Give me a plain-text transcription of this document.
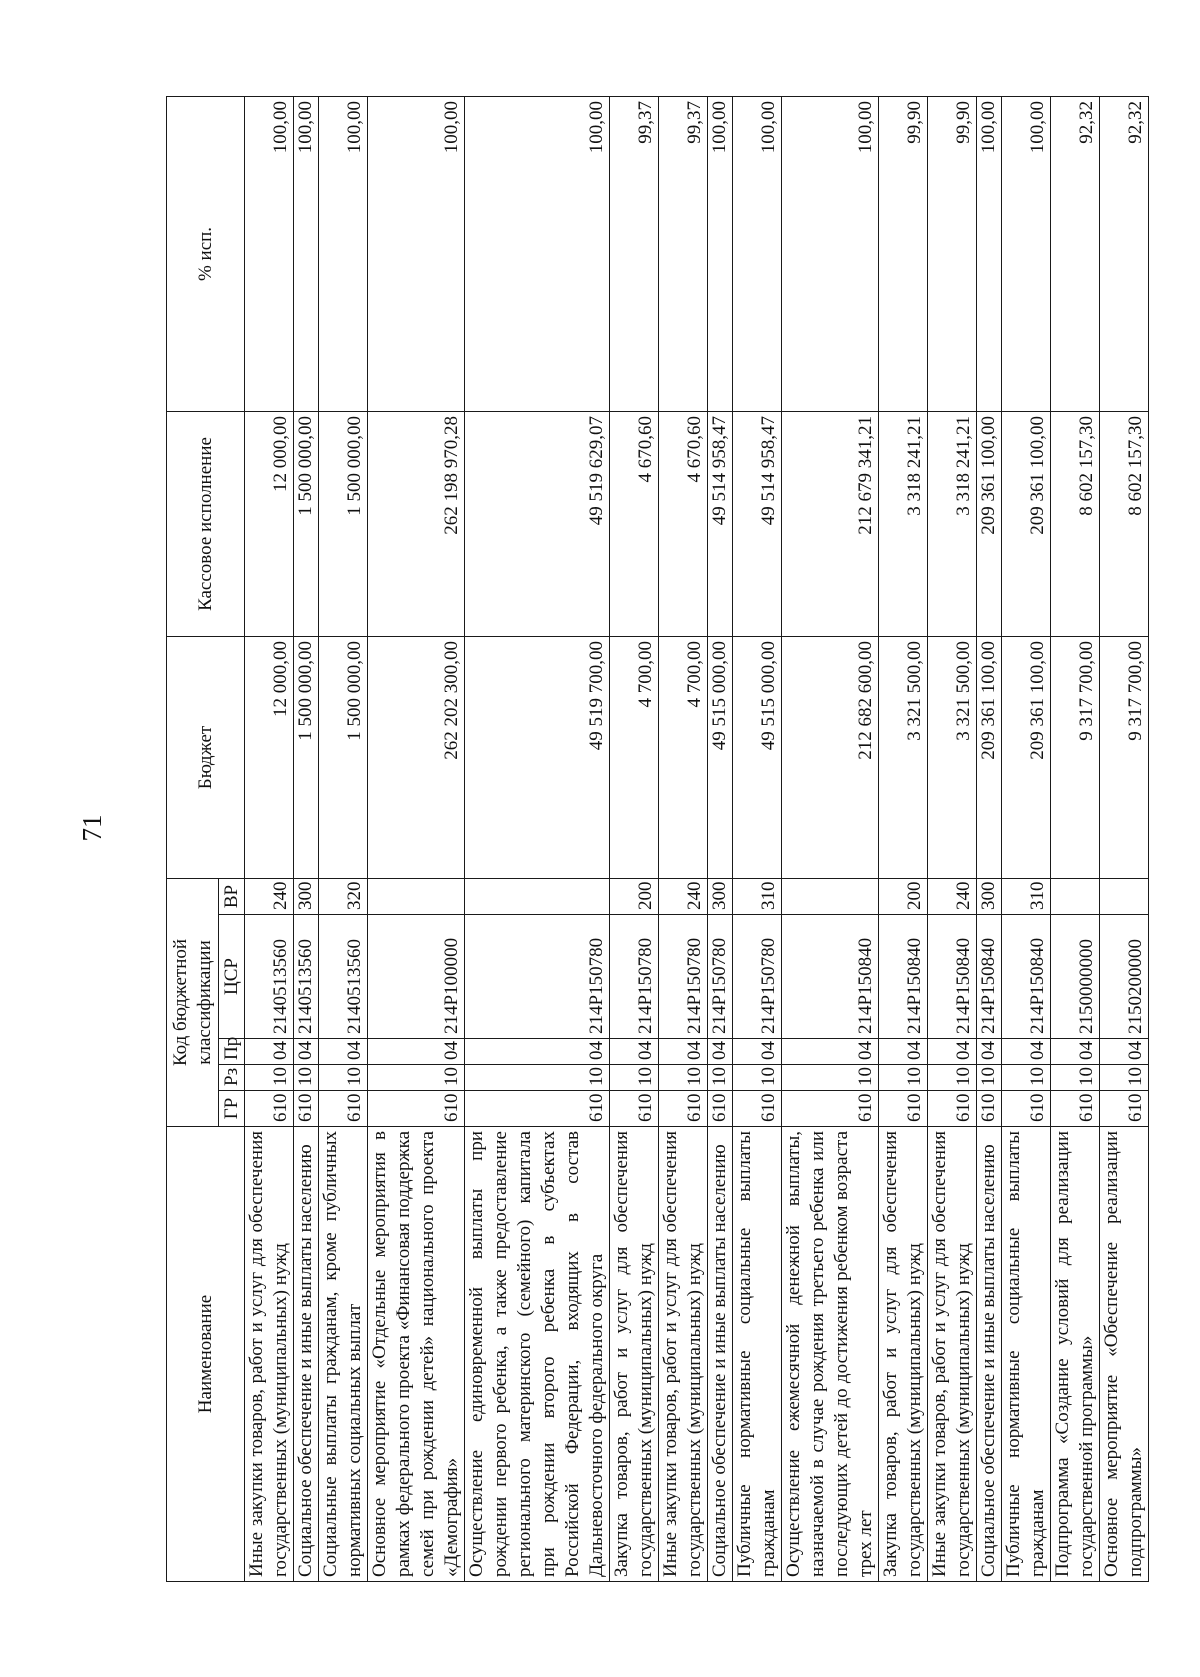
71
Наименование	Код бюджетной классификации					Бюджет	Кассовое исполнение	% исп.
	ГР	Рз	Пр	ЦСР	ВР			
Иные закупки товаров, работ и услуг для обеспечения государственных (муниципальных) нужд	610	10	04	2140513560	240	12 000,00	12 000,00	100,00
Социальное обеспечение и иные выплаты населению	610	10	04	2140513560	300	1 500 000,00	1 500 000,00	100,00
Социальные выплаты гражданам, кроме публичных нормативных социальных выплат	610	10	04	2140513560	320	1 500 000,00	1 500 000,00	100,00
Основное мероприятие «Отдельные мероприятия в рамках федерального проекта «Финансовая поддержка семей при рождении детей» национального проекта «Демография»	610	10	04	214P100000		262 202 300,00	262 198 970,28	100,00
Осуществление единовременной выплаты при рождении первого ребенка, а также предоставление регионального материнского (семейного) капитала при рождении второго ребенка в субъектах Российской Федерации, входящих в состав Дальневосточного федерального округа	610	10	04	214P150780		49 519 700,00	49 519 629,07	100,00
Закупка товаров, работ и услуг для обеспечения государственных (муниципальных) нужд	610	10	04	214P150780	200	4 700,00	4 670,60	99,37
Иные закупки товаров, работ и услуг для обеспечения государственных (муниципальных) нужд	610	10	04	214P150780	240	4 700,00	4 670,60	99,37
Социальное обеспечение и иные выплаты населению	610	10	04	214P150780	300	49 515 000,00	49 514 958,47	100,00
Публичные нормативные социальные выплаты гражданам	610	10	04	214P150780	310	49 515 000,00	49 514 958,47	100,00
Осуществление ежемесячной денежной выплаты, назначаемой в случае рождения третьего ребенка или последующих детей до достижения ребенком возраста трех лет	610	10	04	214P150840		212 682 600,00	212 679 341,21	100,00
Закупка товаров, работ и услуг для обеспечения государственных (муниципальных) нужд	610	10	04	214P150840	200	3 321 500,00	3 318 241,21	99,90
Иные закупки товаров, работ и услуг для обеспечения государственных (муниципальных) нужд	610	10	04	214P150840	240	3 321 500,00	3 318 241,21	99,90
Социальное обеспечение и иные выплаты населению	610	10	04	214P150840	300	209 361 100,00	209 361 100,00	100,00
Публичные нормативные социальные выплаты гражданам	610	10	04	214P150840	310	209 361 100,00	209 361 100,00	100,00
Подпрограмма «Создание условий для реализации государственной программы»	610	10	04	2150000000		9 317 700,00	8 602 157,30	92,32
Основное мероприятие «Обеспечение реализации подпрограммы»	610	10	04	2150200000		9 317 700,00	8 602 157,30	92,32
